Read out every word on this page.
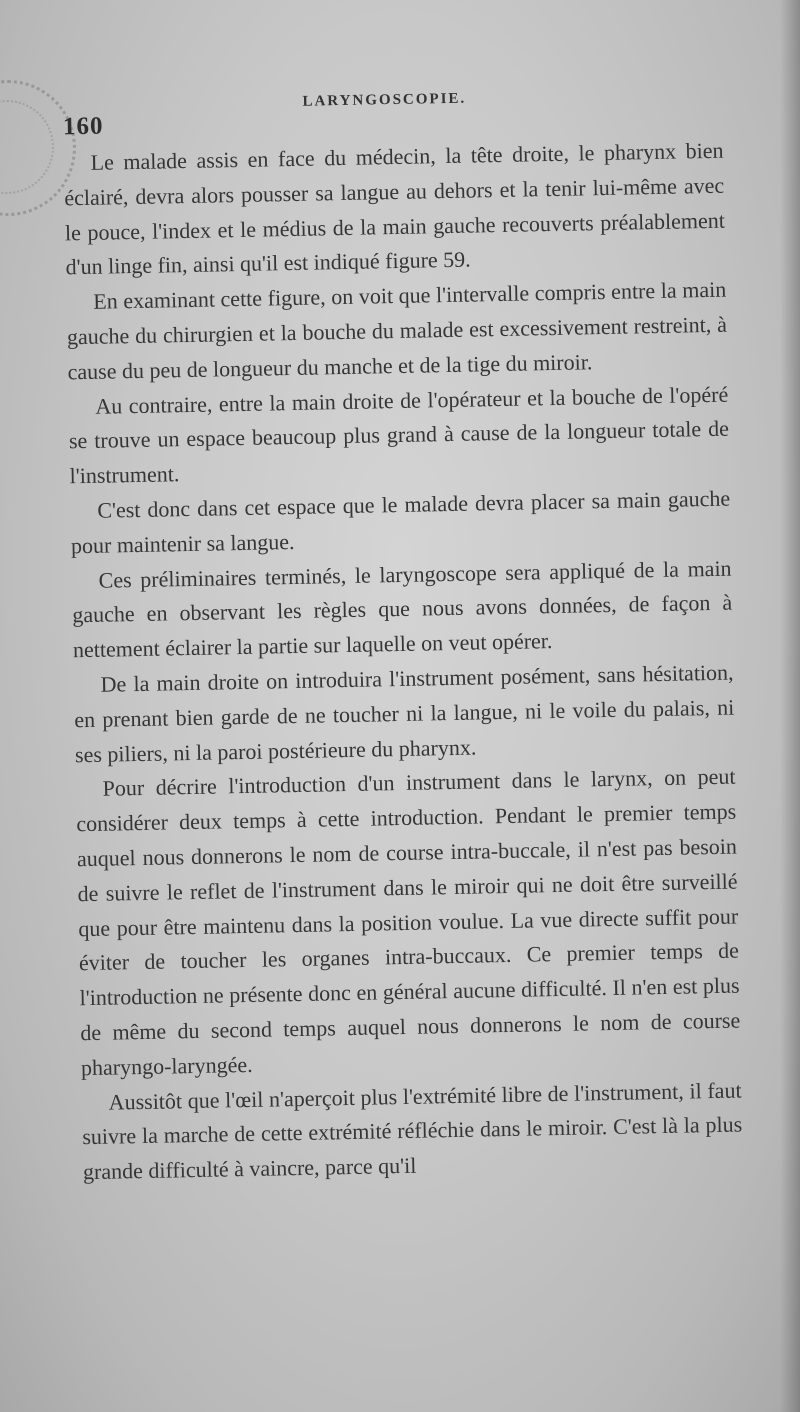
160

LARYNGOSCOPIE.

Le malade assis en face du médecin, la tête droite, le pharynx bien éclairé, devra alors pousser sa langue au dehors et la tenir lui-même avec le pouce, l'index et le médius de la main gauche recouverts préalablement d'un linge fin, ainsi qu'il est indiqué figure 59.

En examinant cette figure, on voit que l'intervalle compris entre la main gauche du chirurgien et la bouche du malade est excessivement restreint, à cause du peu de longueur du manche et de la tige du miroir.

Au contraire, entre la main droite de l'opérateur et la bouche de l'opéré se trouve un espace beaucoup plus grand à cause de la longueur totale de l'instrument.

C'est donc dans cet espace que le malade devra placer sa main gauche pour maintenir sa langue.

Ces préliminaires terminés, le laryngoscope sera appliqué de la main gauche en observant les règles que nous avons données, de façon à nettement éclairer la partie sur laquelle on veut opérer.

De la main droite on introduira l'instrument posément, sans hésitation, en prenant bien garde de ne toucher ni la langue, ni le voile du palais, ni ses piliers, ni la paroi postérieure du pharynx.

Pour décrire l'introduction d'un instrument dans le larynx, on peut considérer deux temps à cette introduction. Pendant le premier temps auquel nous donnerons le nom de course intra-buccale, il n'est pas besoin de suivre le reflet de l'instrument dans le miroir qui ne doit être surveillé que pour être maintenu dans la position voulue. La vue directe suffit pour éviter de toucher les organes intra-buccaux. Ce premier temps de l'introduction ne présente donc en général aucune difficulté. Il n'en est plus de même du second temps auquel nous donnerons le nom de course pharyngo-laryngée.

Aussitôt que l'œil n'aperçoit plus l'extrémité libre de l'instrument, il faut suivre la marche de cette extrémité réfléchie dans le miroir. C'est là la plus grande difficulté à vaincre, parce qu'il
